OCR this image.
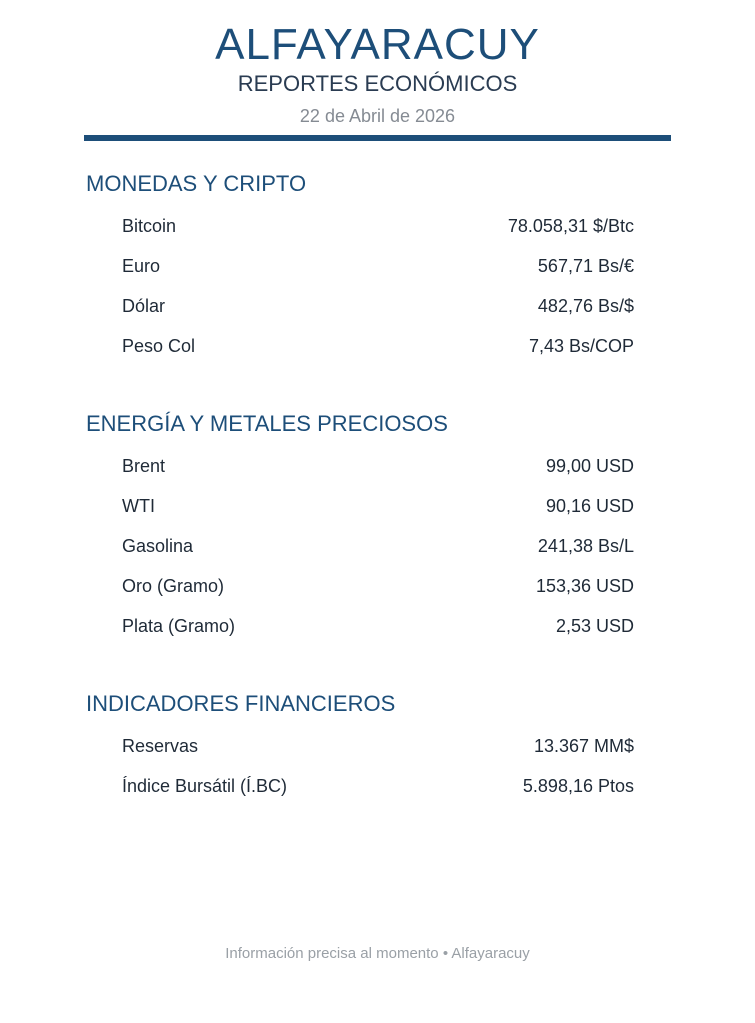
ALFAYARACUY
REPORTES ECONÓMICOS
22 de Abril de 2026
MONEDAS Y CRIPTO
Bitcoin	78.058,31 $/Btc
Euro	567,71 Bs/€
Dólar	482,76 Bs/$
Peso Col	7,43 Bs/COP
ENERGÍA Y METALES PRECIOSOS
Brent	99,00 USD
WTI	90,16 USD
Gasolina	241,38 Bs/L
Oro (Gramo)	153,36 USD
Plata (Gramo)	2,53 USD
INDICADORES FINANCIEROS
Reservas	13.367 MM$
Índice Bursátil (Í.BC)	5.898,16 Ptos
Información precisa al momento • Alfayaracuy
